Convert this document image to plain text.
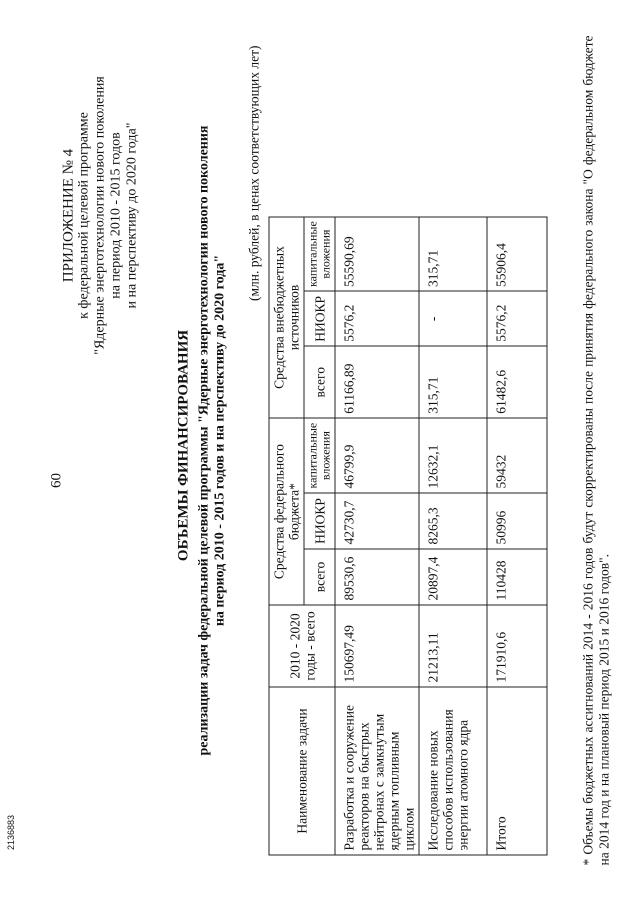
60
ПРИЛОЖЕНИЕ № 4 к федеральной целевой программе "Ядерные энерготехнологии нового поколения на период 2010 - 2015 годов и на перспективу до 2020 года"
ОБЪЕМЫ ФИНАНСИРОВАНИЯ реализации задач федеральной целевой программы "Ядерные энерготехнологии нового поколения на период 2010 - 2015 годов и на перспективу до 2020 года"
(млн. рублей, в ценах соответствующих лет)
Наименование задачи	2010 - 2020 годы - всего	Средства федерального бюджета*			Средства внебюджетных источников		
		всего	НИОКР	капитальные вложения	всего	НИОКР	капитальные вложения
Разработка и сооружение реакторов на быстрых нейтронах с замкнутым ядерным топливным циклом	150697,49	89530,6	42730,7	46799,9	61166,89	5576,2	55590,69
Исследование новых способов использования энергии атомного ядра	21213,11	20897,4	8265,3	12632,1	315,71	-	315,71
Итого	171910,6	110428	50996	59432	61482,6	5576,2	55906,4	* Объемы бюджетных ассигнований 2014 - 2016 годов будут скорректированы после принятия федерального закона "О федеральном бюджете на 2014 год и на плановый период 2015 и 2016 годов".
2136883
